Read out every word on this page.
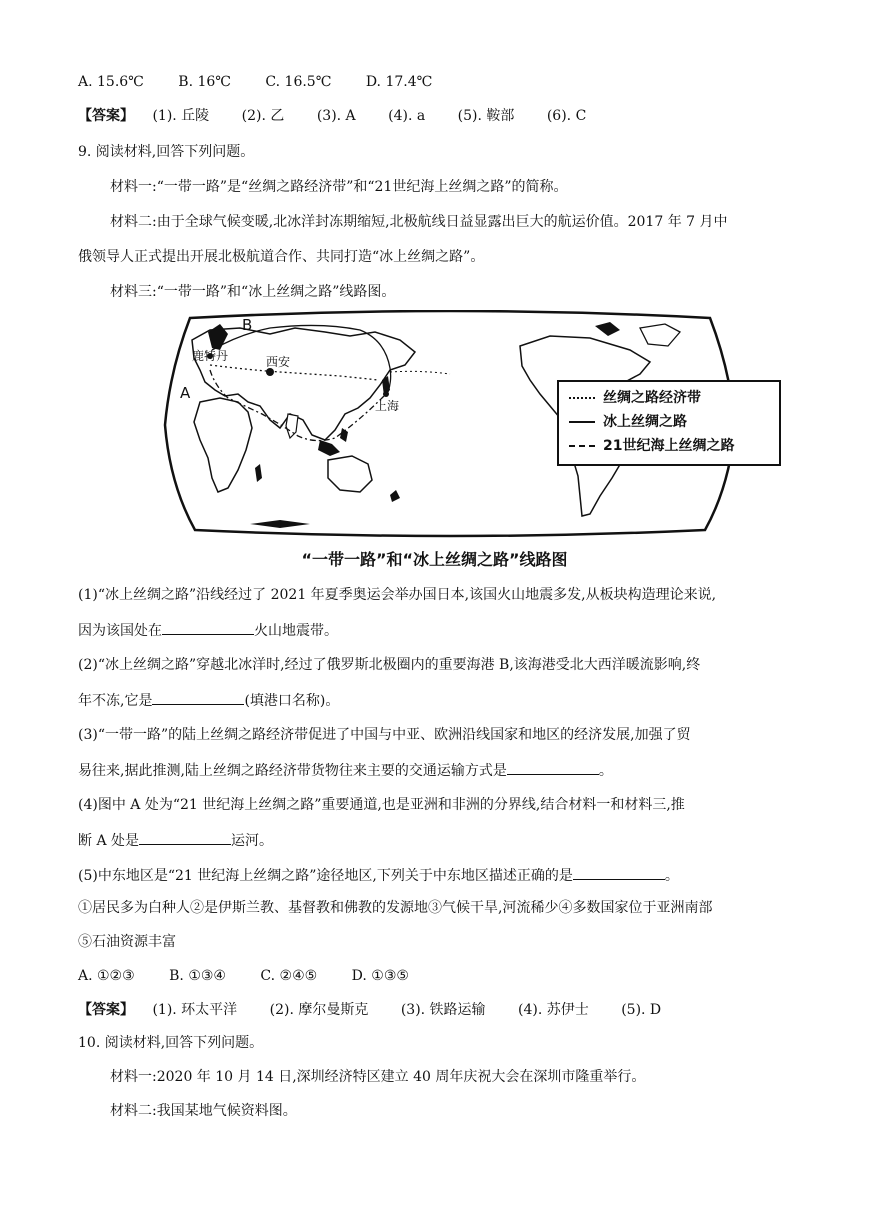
A. 15.6℃ B. 16℃ C. 16.5℃ D. 17.4℃
【答案】 (1). 丘陵 (2). 乙 (3). A (4). a (5). 鞍部 (6). C
9. 阅读材料,回答下列问题。
材料一:“一带一路”是“丝绸之路经济带”和“21世纪海上丝绸之路”的简称。
材料二:由于全球气候变暖,北冰洋封冻期缩短,北极航线日益显露出巨大的航运价值。2017 年 7 月中
俄领导人正式提出开展北极航道合作、共同打造“冰上丝绸之路”。
材料三:“一带一路”和“冰上丝绸之路”线路图。
鹿特丹	西安
上海
A
B
丝绸之路经济带
冰上丝绸之路
21世纪海上丝绸之路
“一带一路”和“冰上丝绸之路”线路图
(1)“冰上丝绸之路”沿线经过了 2021 年夏季奥运会举办国日本,该国火山地震多发,从板块构造理论来说,
因为该国处在	火山地震带。
(2)“冰上丝绸之路”穿越北冰洋时,经过了俄罗斯北极圈内的重要海港 B,该海港受北大西洋暖流影响,终
年不冻,它是	(填港口名称)。
(3)“一带一路”的陆上丝绸之路经济带促进了中国与中亚、欧洲沿线国家和地区的经济发展,加强了贸
易往来,据此推测,陆上丝绸之路经济带货物往来主要的交通运输方式是	。
(4)图中 A 处为“21 世纪海上丝绸之路”重要通道,也是亚洲和非洲的分界线,结合材料一和材料三,推
断 A 处是	运河。
(5)中东地区是“21 世纪海上丝绸之路”途径地区,下列关于中东地区描述正确的是	。
①居民多为白种人②是伊斯兰教、基督教和佛教的发源地③气候干旱,河流稀少④多数国家位于亚洲南部
⑤石油资源丰富
A. ①②③ B. ①③④ C. ②④⑤ D. ①③⑤
【答案】 (1). 环太平洋 (2). 摩尔曼斯克 (3). 铁路运输 (4). 苏伊士 (5). D
10. 阅读材料,回答下列问题。
材料一:2020 年 10 月 14 日,深圳经济特区建立 40 周年庆祝大会在深圳市隆重举行。
材料二:我国某地气候资料图。
